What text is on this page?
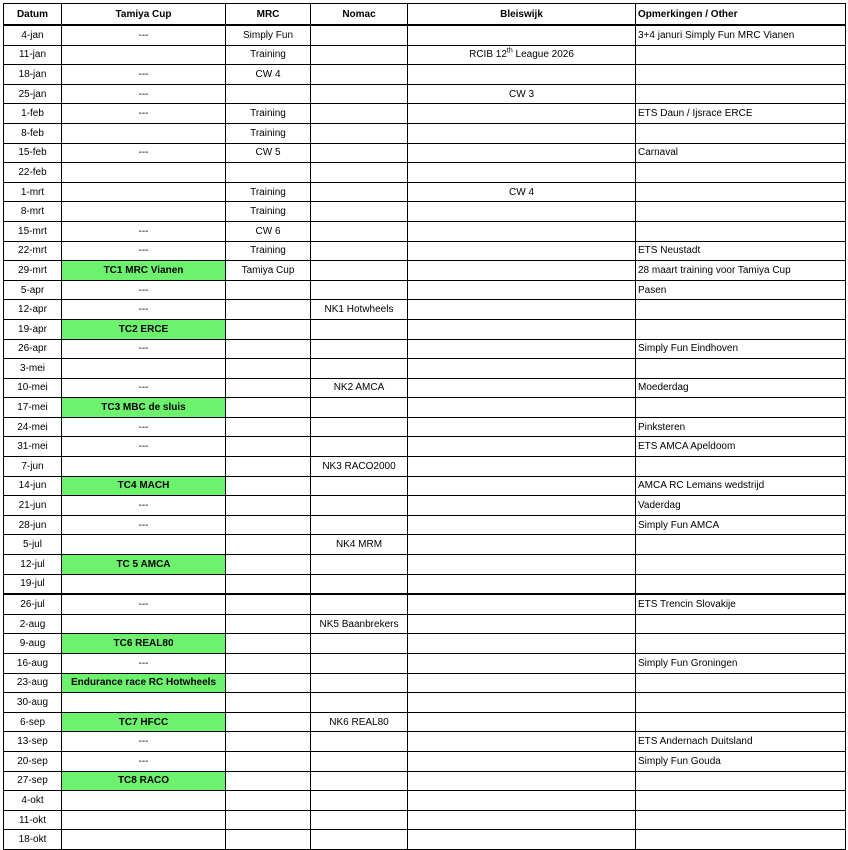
Datum	Tamiya Cup	MRC	Nomac	Bleiswijk	Opmerkingen / Other
4-jan	---	Simply Fun			3+4 januri Simply Fun MRC Vianen
11-jan		Training		RCIB 12th League 2026	
18-jan	---	CW 4			
25-jan	---			CW 3	
1-feb	---	Training			ETS Daun / Ijsrace ERCE
8-feb		Training			
15-feb	---	CW 5			Carnaval
22-feb					
1-mrt		Training		CW 4	
8-mrt		Training			
15-mrt	---	CW 6			
22-mrt	---	Training			ETS Neustadt
29-mrt	TC1 MRC Vianen	Tamiya Cup			28 maart training voor Tamiya Cup
5-apr	---				Pasen
12-apr	---		NK1 Hotwheels		
19-apr	TC2 ERCE				
26-apr	---				Simply Fun Eindhoven
3-mei					
10-mei	---		NK2 AMCA		Moederdag
17-mei	TC3 MBC de sluis				
24-mei	---				Pinksteren
31-mei	---				ETS AMCA Apeldoom
7-jun			NK3 RACO2000		
14-jun	TC4 MACH				AMCA RC Lemans wedstrijd
21-jun	---				Vaderdag
28-jun	---				Simply Fun AMCA
5-jul			NK4 MRM		
12-jul	TC 5 AMCA				
19-jul					
26-jul	---				ETS Trencin Slovakije
2-aug			NK5 Baanbrekers		
9-aug	TC6 REAL80				
16-aug	---				Simply Fun Groningen
23-aug	Endurance race RC Hotwheels				
30-aug					
6-sep	TC7 HFCC		NK6 REAL80		
13-sep	---				ETS Andernach Duitsland
20-sep	---				Simply Fun Gouda
27-sep	TC8 RACO				
4-okt					
11-okt					
18-okt					
